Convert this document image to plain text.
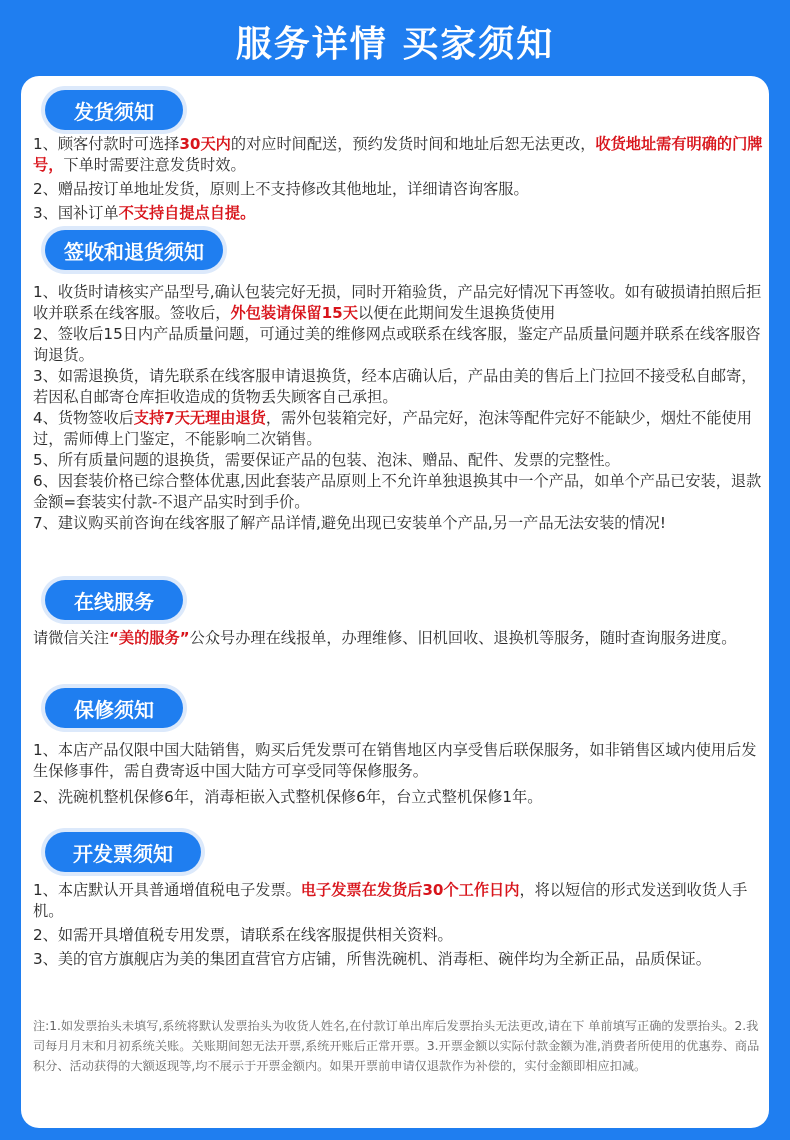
服务详情 买家须知
发货须知

1、顾客付款时可选择30天内的对应时间配送，预约发货时间和地址后恕无法更改，收货地址需有明确的门牌号，下单时需要注意发货时效。

2、赠品按订单地址发货，原则上不支持修改其他地址，详细请咨询客服。

3、国补订单不支持自提点自提。

签收和退货须知

1、收货时请核实产品型号,确认包装完好无损，同时开箱验货，产品完好情况下再签收。如有破损请拍照后拒收并联系在线客服。签收后，外包装请保留15天以便在此期间发生退换货使用

2、签收后15日内产品质量问题，可通过美的维修网点或联系在线客服，鉴定产品质量问题并联系在线客服咨询退货。

3、如需退换货，请先联系在线客服申请退换货，经本店确认后，产品由美的售后上门拉回不接受私自邮寄，若因私自邮寄仓库拒收造成的货物丢失顾客自己承担。

4、货物签收后支持7天无理由退货，需外包装箱完好，产品完好，泡沫等配件完好不能缺少，烟灶不能使用过，需师傅上门鉴定，不能影响二次销售。

5、所有质量问题的退换货，需要保证产品的包装、泡沫、赠品、配件、发票的完整性。

6、因套装价格已综合整体优惠,因此套装产品原则上不允许单独退换其中一个产品，如单个产品已安装，退款金额=套装实付款-不退产品实时到手价。

7、建议购买前咨询在线客服了解产品详情,避免出现已安装单个产品,另一产品无法安装的情况!

在线服务

请微信关注“美的服务”公众号办理在线报单，办理维修、旧机回收、退换机等服务，随时查询服务进度。

保修须知

1、本店产品仅限中国大陆销售，购买后凭发票可在销售地区内享受售后联保服务，如非销售区域内使用后发生保修事件，需自费寄返中国大陆方可享受同等保修服务。

2、洗碗机整机保修6年，消毒柜嵌入式整机保修6年，台立式整机保修1年。

开发票须知

1、本店默认开具普通增值税电子发票。电子发票在发货后30个工作日内，将以短信的形式发送到收货人手机。

2、如需开具增值税专用发票，请联系在线客服提供相关资料。

3、美的官方旗舰店为美的集团直营官方店铺，所售洗碗机、消毒柜、碗伴均为全新正品，品质保证。

注:1.如发票抬头未填写,系统将默认发票抬头为收货人姓名,在付款订单出库后发票抬头无法更改,请在下 单前填写正确的发票抬头。2.我司每月月末和月初系统关账。关账期间恕无法开票,系统开账后正常开票。3.开票金额以实际付款金额为准,消费者所使用的优惠券、商品积分、活动获得的大额返现等,均不展示于开票金额内。如果开票前申请仅退款作为补偿的，实付金额即相应扣减。
